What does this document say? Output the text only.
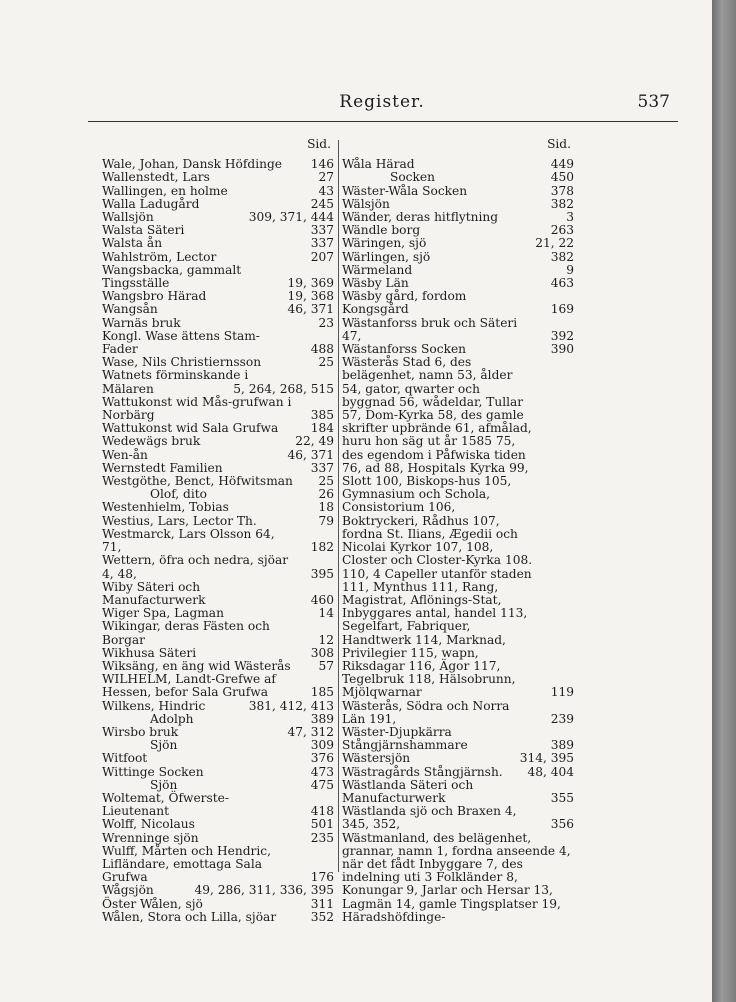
Register.	537
Sid.
Wale, Johan, Dansk Höfdinge	146
Wallenstedt, Lars	27
Wallingen, en holme	43
Walla Ladugård	245
Wallsjön	309, 371, 444
Walsta Säteri	337
Walsta ån	337
Wahlström, Lector	207
Wangsbacka, gammalt Tingsställe	19, 369
Wangsbro Härad	19, 368
Wangsån	46, 371
Warnäs bruk	23
Kongl. Wase ättens Stam-Fader	488
Wase, Nils Christiernsson	25
Watnets förminskande i Mälaren	5, 264, 268, 515
Wattukonst wid Mås-grufwan i Norbärg	385
Wattukonst wid Sala Grufwa	184
Wedewägs bruk	22, 49
Wen-ån	46, 371
Wernstedt Familien	337
Westgöthe, Benct, Höfwitsman	25
Olof, dito	26
Westenhielm, Tobias	18
Westius, Lars, Lector Th.	79
Westmarck, Lars Olsson 64, 71,	182
Wettern, öfra och nedra, sjöar 4, 48,	395
Wiby Säteri och Manufacturwerk	460
Wiger Spa, Lagman	14
Wikingar, deras Fästen och Borgar	12
Wikhusa Säteri	308
Wiksäng, en äng wid Wästerås	57
WILHELM, Landt-Grefwe af Hessen, befor Sala Grufwa	185
Wilkens, Hindric	381, 412, 413
Adolph	389
Wirsbo bruk	47, 312
Sjön	309
Witfoot	376
Wittinge Socken	473
Sjön	475
Woltemat, Öfwerste-Lieutenant	418
Wolff, Nicolaus	501
Wrenninge sjön	235
Wulff, Mårten och Hendric, Lifländare, emottaga Sala Grufwa	176
Wågsjön	49, 286, 311, 336, 395
Öster Wålen, sjö	311
Wålen, Stora och Lilla, sjöar	352
Sid.
Wåla Härad	449
Socken	450
Wäster-Wåla Socken	378
Wälsjön	382
Wänder, deras hitflytning	3
Wändle borg	263
Wäringen, sjö	21, 22
Wärlingen, sjö	382
Wärmeland	9
Wäsby Län	463
Wäsby gård, fordom Kongsgård	169
Wästanforss bruk och Säteri 47,	392
Wästanforss Socken	390
Wästerås Stad 6, des belägenhet, namn 53, ålder 54, gator, qwarter och byggnad 56, wådeldar, Tullar 57, Dom-Kyrka 58, des gamle skrifter upbrände 61, afmålad, huru hon säg ut år 1585 75, des egendom i Påfwiska tiden 76, ad 88, Hospitals Kyrka 99, Slott 100, Biskops-hus 105, Gymnasium och Schola, Consistorium 106, Boktryckeri, Rådhus 107, fordna St. Ilians, Ægedii och Nicolai Kyrkor 107, 108, Closter och Closter-Kyrka 108. 110, 4 Capeller utanför staden 111, Mynthus 111, Rang, Magistrat, Aflönings-Stat, Inbyggares antal, handel 113, Segelfart, Fabriquer, Handtwerk 114, Marknad, Privilegier 115, wapn, Riksdagar 116, Ägor 117, Tegelbruk 118, Hälsobrunn, Mjölqwarnar	119
Wästerås, Södra och Norra Län 191,	239
Wäster-Djupkärra Stångjärnshammare	389
Wästersjön	314, 395
Wästragårds Stångjärnsh.	48, 404
Wästlanda Säteri och Manufacturwerk	355
Wästlanda sjö och Braxen 4, 345, 352,	356
Wästmanland, des belägenhet, grannar, namn 1, fordna anseende 4, när det fådt Inbyggare 7, des indelning uti 3 Folkländer 8, Konungar 9, Jarlar och Hersar 13, Lagmän 14, gamle Tingsplatser 19, Häradshöfdinge-
